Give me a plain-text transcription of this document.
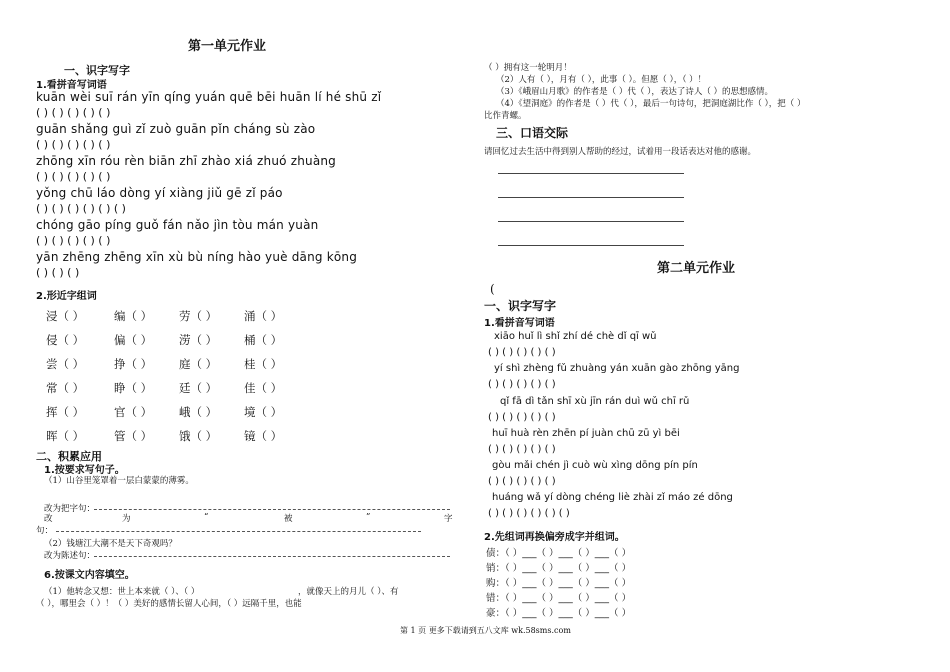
第一单元作业
一、识字写字
1.看拼音写词语
kuān wèi suī rán yīn qíng yuán quē bēi huān lí hé shū zǐ
( ) ( ) ( ) ( ) ( )
guān shǎng guì zǐ zuò guān pǐn cháng sù zào
( ) ( ) ( ) ( ) ( )
zhōng xīn róu rèn biān zhī zhào xiá zhuó zhuàng
( ) ( ) ( ) ( ) ( )
yǒng chū láo dòng yí xiàng jiǔ gē zǐ páo
( ) ( ) ( ) ( ) ( ) ( )
chóng gāo píng guǒ fán nǎo jìn tòu mán yuàn
( ) ( ) ( ) ( ) ( )
yān zhēng zhēng xīn xù bù níng hào yuè dāng kōng
( ) ( ) ( )
2.形近字组词
浸（ ）	编（ ） 劳（ ） 涌（ ）
侵（ ）	偏（ ） 涝（ ） 桶（ ）
尝（ ）	挣（ ） 庭（ ） 桂（ ）
常（ ）	睁（ ） 廷（ ） 佳（ ）
挥（ ）	官（ ） 峨（ ） 境（ ）
晖（ ）	管（ ） 饿（ ） 镜（ ）
二、积累应用
1.按要求写句子。
（1）山谷里笼罩着一层白蒙蒙的薄雾。
改为把字句：
改	为	“	被	”	字
句：
（2）钱塘江大潮不是天下奇观吗？
改为陈述句：
6.按课文内容填空。
（1）他转念又想：世上本来就（ ）、（ ）	，就像天上的月儿（ ）、有
（ ），哪里会（ ）！（ ）美好的感情长留人心间，（ ）远隔千里，也能
（ ）拥有这一轮明月！
（2）人有（ ），月有（ ），此事（ ）。但愿（ ），（ ）！
（3）《峨眉山月歌》的作者是（ ）代（ ），表达了诗人（ ）的思想感情。
（4）《望洞庭》的作者是（ ）代（ ），最后一句诗句，把洞庭湖比作（ ），把（ ）
比作青螺。
三、口语交际
请回忆过去生活中得到别人帮助的经过，试着用一段话表达对他的感谢。
第二单元作业
(
一、识字写字
1.看拼音写词语
xiāo huǐ lì shǐ zhí dé chè dǐ qī wǔ
( ) ( ) ( ) ( ) ( )
yí shì zhèng fǔ zhuàng yán xuān gào zhōng yāng
( ) ( ) ( ) ( ) ( )
qǐ fā dì tǎn shī xù jīn rán duì wǔ chī rǔ
( ) ( ) ( ) ( ) ( )
huī huà rèn zhēn pí juàn chū zū yì bēi
( ) ( ) ( ) ( ) ( )
gòu mǎi chén jì cuò wù xìng dōng pín pín
( ) ( ) ( ) ( ) ( )
huáng wǎ yí dòng chéng liè zhài zǐ máo zé dōng
( ) ( ) ( ) ( ) ( ) ( )
2.先组词再换偏旁成字并组词。
债：（ ）___（ ）___（ ）___（ ）
销：（ ）___（ ）___（ ）___（ ）
购：（ ）___（ ）___（ ）___（ ）
错：（ ）___（ ）___（ ）___（ ）
豪：（ ）___（ ）___（ ）___（ ）
第 1 页 更多下载请到五八文库 wk.58sms.com
